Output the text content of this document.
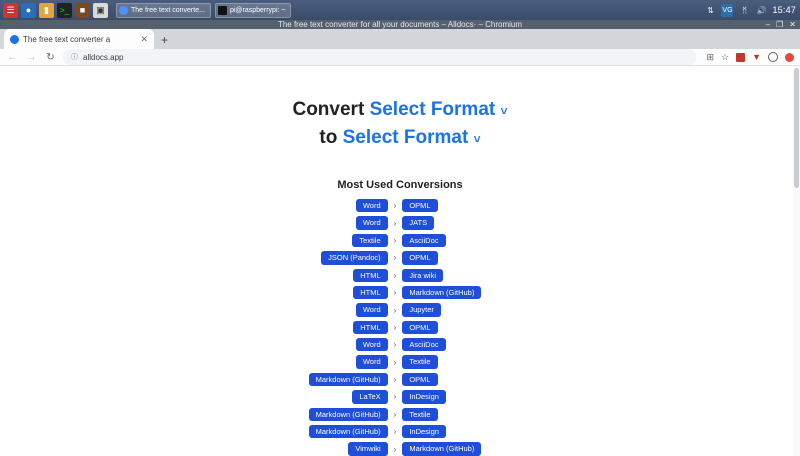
☰	●	▮	>_	■	▣	The free text converte...	pi@raspberrypi: ~	⇅	VG	ᛗ	🔊 15:47
The free text converter for all your documents – Alldocs· – Chromium	– ❐ ✕
The free text converter a	✕	+
← → ↻	ⓘ alldocs.app	⊞ ☆	▼
Convert Select Format ˅
to Select Format ˅
Most Used Conversions
Word	›	OPML
Word	›	JATS
Textile	›	AsciiDoc
JSON (Pandoc)	›	OPML
HTML	›	Jira wiki
HTML	›	Markdown (GitHub)
Word	›	Jupyter
HTML	›	OPML
Word	›	AsciiDoc
Word	›	Textile
Markdown (GitHub)	›	OPML
LaTeX	›	InDesign
Markdown (GitHub)	›	Textile
Markdown (GitHub)	›	InDesign
Vimwiki	›	Markdown (GitHub)
